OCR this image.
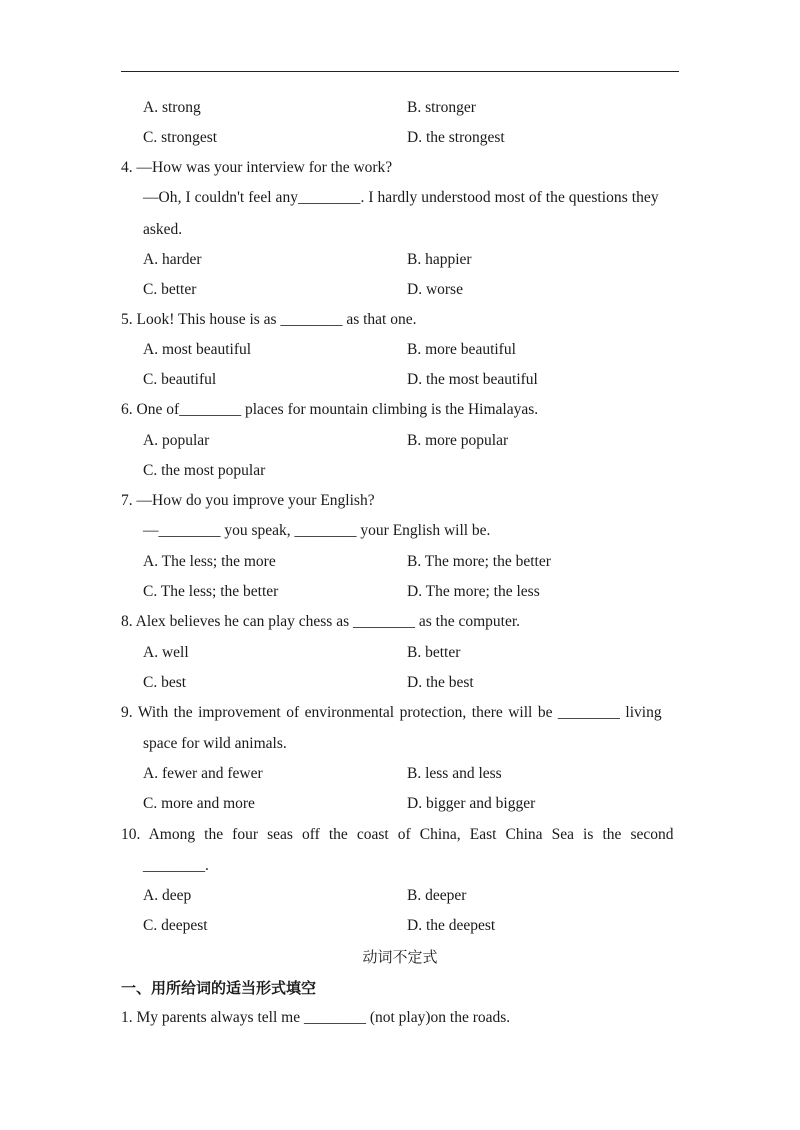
A. strong	B. stronger
C. strongest	D. the strongest
4. —How was your interview for the work?
—Oh, I couldn't feel any________. I hardly understood most of the questions they
asked.
A. harder	B. happier
C. better	D. worse
5. Look! This house is as ________ as that one.
A. most beautiful	B. more beautiful
C. beautiful	D. the most beautiful
6. One of________ places for mountain climbing is the Himalayas.
A. popular	B. more popular
C. the most popular
7. —How do you improve your English?
—________ you speak, ________ your English will be.
A. The less; the more	B. The more; the better
C. The less; the better	D. The more; the less
8. Alex believes he can play chess as ________ as the computer.
A. well	B. better
C. best	D. the best
9. With the improvement of environmental protection, there will be ________ living
space for wild animals.
A. fewer and fewer	B. less and less
C. more and more	D. bigger and bigger
10. Among the four seas off the coast of China, East China Sea is the second
________.
A. deep	B. deeper
C. deepest	D. the deepest
动词不定式
一、用所给词的适当形式填空
1. My parents always tell me ________ (not play)on the roads.
